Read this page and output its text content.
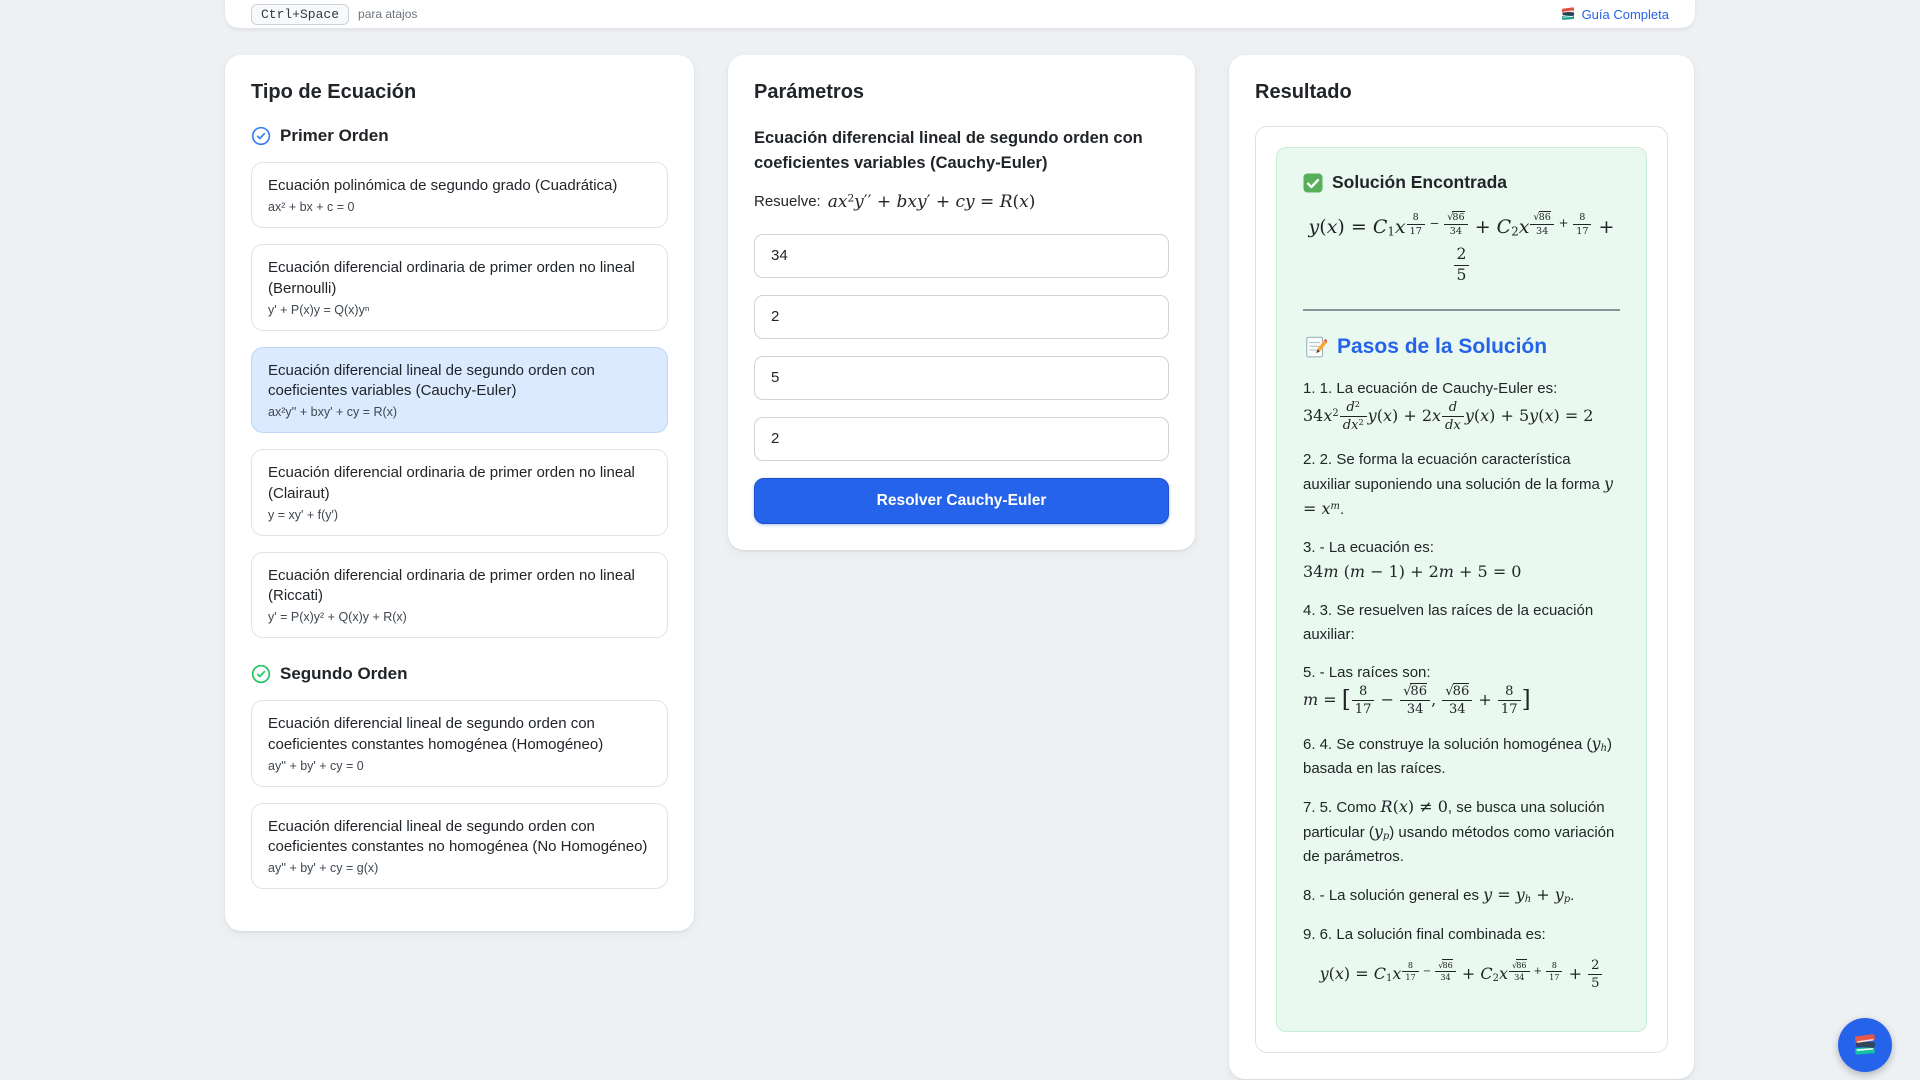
Ctrl+Space	para atajos	Guía Completa
Tipo de Ecuación
Primer Orden
Ecuación polinómica de segundo grado (Cuadrática)
ax² + bx + c = 0
Ecuación diferencial ordinaria de primer orden no lineal (Bernoulli)
y' + P(x)y = Q(x)yⁿ
Ecuación diferencial lineal de segundo orden con coeficientes variables (Cauchy-Euler)
ax²y'' + bxy' + cy = R(x)
Ecuación diferencial ordinaria de primer orden no lineal (Clairaut)
y = xy' + f(y')
Ecuación diferencial ordinaria de primer orden no lineal (Riccati)
y' = P(x)y² + Q(x)y + R(x)
Segundo Orden
Ecuación diferencial lineal de segundo orden con coeficientes constantes homogénea (Homogéneo)
ay'' + by' + cy = 0
Ecuación diferencial lineal de segundo orden con coeficientes constantes no homogénea (No Homogéneo)
ay'' + by' + cy = g(x)
Parámetros
Ecuación diferencial lineal de segundo orden con coeficientes variables (Cauchy-Euler)

Resuelve: $ax^2y'' + bxy'$ + cy = R(x)

34
2
5
2
Resolver Cauchy-Euler
Resultado
Solución Encontrada
$y(x) = C_1x$ $^{\frac{8}{17} - \frac{√86}{34}} + C_2x$ $^{\frac{√86}{34} + \frac{8}{17}}$ +
$\frac{2}{5}$
Pasos de la Solución
1. 1. La ecuación de Cauchy-Euler es:
$34x^2 \frac{d^2}{dx^2} y(x) + 2x \frac{d}{dx} y(x) + 5y(x) = 2$
2. 2. Se forma la ecuación característica auxiliar suponiendo una solución de la forma $y = x^m$.
3. - La ecuación es:
34m (m − 1) + 2m + 5 = 0
4. 3. Se resuelven las raíces de la ecuación auxiliar:
5. - Las raíces son:
m = [ $\frac{8}{17} - \frac{√86}{34}$ , $\frac{√86}{34} + \frac{8}{17}$ ]
6. 4. Se construye la solución homogénea $(y_h)$ basada en las raíces.
7. 5. Como R(x) ≠ 0, se busca una solución particular $(y_p)$ usando métodos como variación de parámetros.
8. - La solución general es $y = y_h + y_p$.
9. 6. La solución final combinada es:

$y(x) = C_1x$ $^{\frac{8}{17} - \frac{√86}{34}} + C_2x$ $^{\frac{√86}{34} + \frac{8}{17}} + \frac{2}{5}$
